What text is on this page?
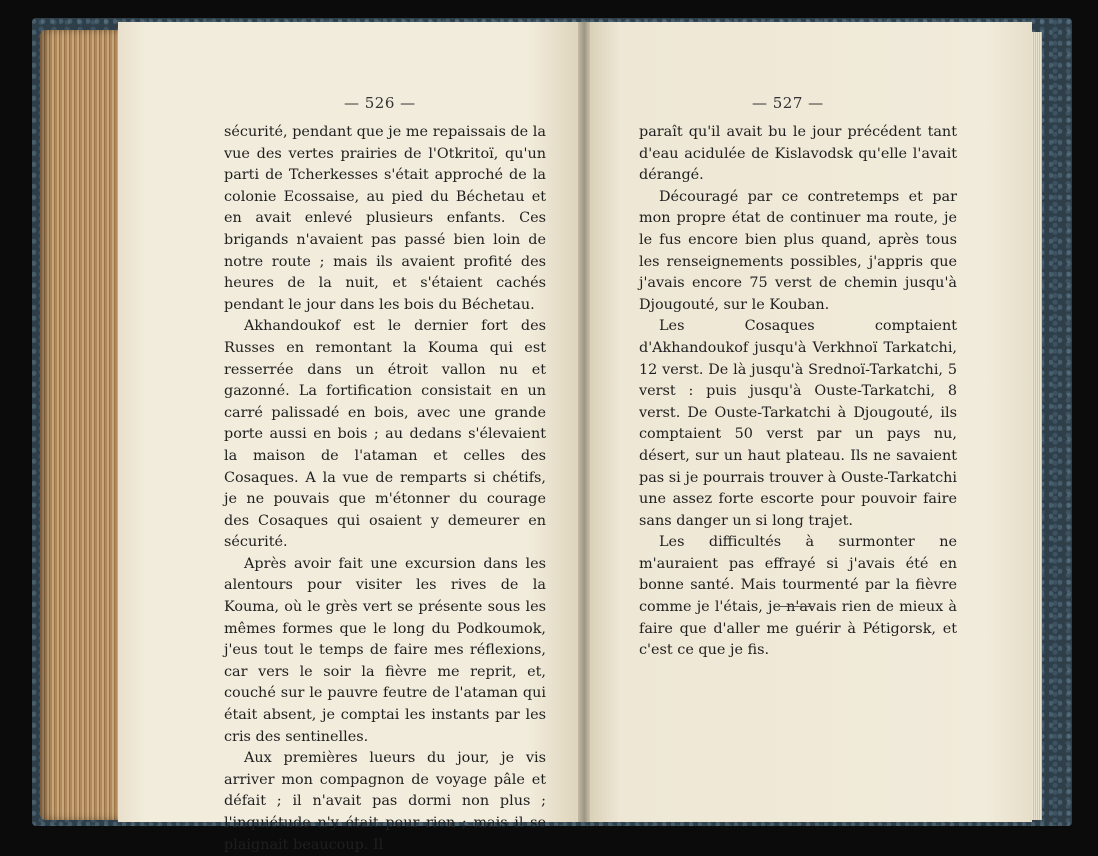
— 526 —

sécurité, pendant que je me repaissais de la vue des vertes prairies de l'Otkritoï, qu'un parti de Tcherkesses s'était approché de la colonie Ecossaise, au pied du Béchetau et en avait enlevé plusieurs enfants. Ces brigands n'avaient pas passé bien loin de notre route ; mais ils avaient profité des heures de la nuit, et s'étaient cachés pendant le jour dans les bois du Béchetau.

Akhandoukof est le dernier fort des Russes en remontant la Kouma qui est resserrée dans un étroit vallon nu et gazonné. La fortification consistait en un carré palissadé en bois, avec une grande porte aussi en bois ; au dedans s'élevaient la maison de l'ataman et celles des Cosaques. A la vue de remparts si chétifs, je ne pouvais que m'étonner du courage des Cosaques qui osaient y demeurer en sécurité.

Après avoir fait une excursion dans les alentours pour visiter les rives de la Kouma, où le grès vert se présente sous les mêmes formes que le long du Podkoumok, j'eus tout le temps de faire mes réflexions, car vers le soir la fièvre me reprit, et, couché sur le pauvre feutre de l'ataman qui était absent, je comptai les instants par les cris des sentinelles.

Aux premières lueurs du jour, je vis arriver mon compagnon de voyage pâle et défait ; il n'avait pas dormi non plus ; l'inquiétude n'y était pour rien ; mais il se plaignait beaucoup. Il

— 527 —

paraît qu'il avait bu le jour précédent tant d'eau acidulée de Kislavodsk qu'elle l'avait dérangé.

Découragé par ce contretemps et par mon propre état de continuer ma route, je le fus encore bien plus quand, après tous les renseignements possibles, j'appris que j'avais encore 75 verst de chemin jusqu'à Djougouté, sur le Kouban.

Les Cosaques comptaient d'Akhandoukof jusqu'à Verkhnoï Tarkatchi, 12 verst. De là jusqu'à Srednoï-Tarkatchi, 5 verst : puis jusqu'à Ouste-Tarkatchi, 8 verst. De Ouste-Tarkatchi à Djougouté, ils comptaient 50 verst par un pays nu, désert, sur un haut plateau. Ils ne savaient pas si je pourrais trouver à Ouste-Tarkatchi une assez forte escorte pour pouvoir faire sans danger un si long trajet.

Les difficultés à surmonter ne m'auraient pas effrayé si j'avais été en bonne santé. Mais tourmenté par la fièvre comme je l'étais, je n'avais rien de mieux à faire que d'aller me guérir à Pétigorsk, et c'est ce que je fis.
